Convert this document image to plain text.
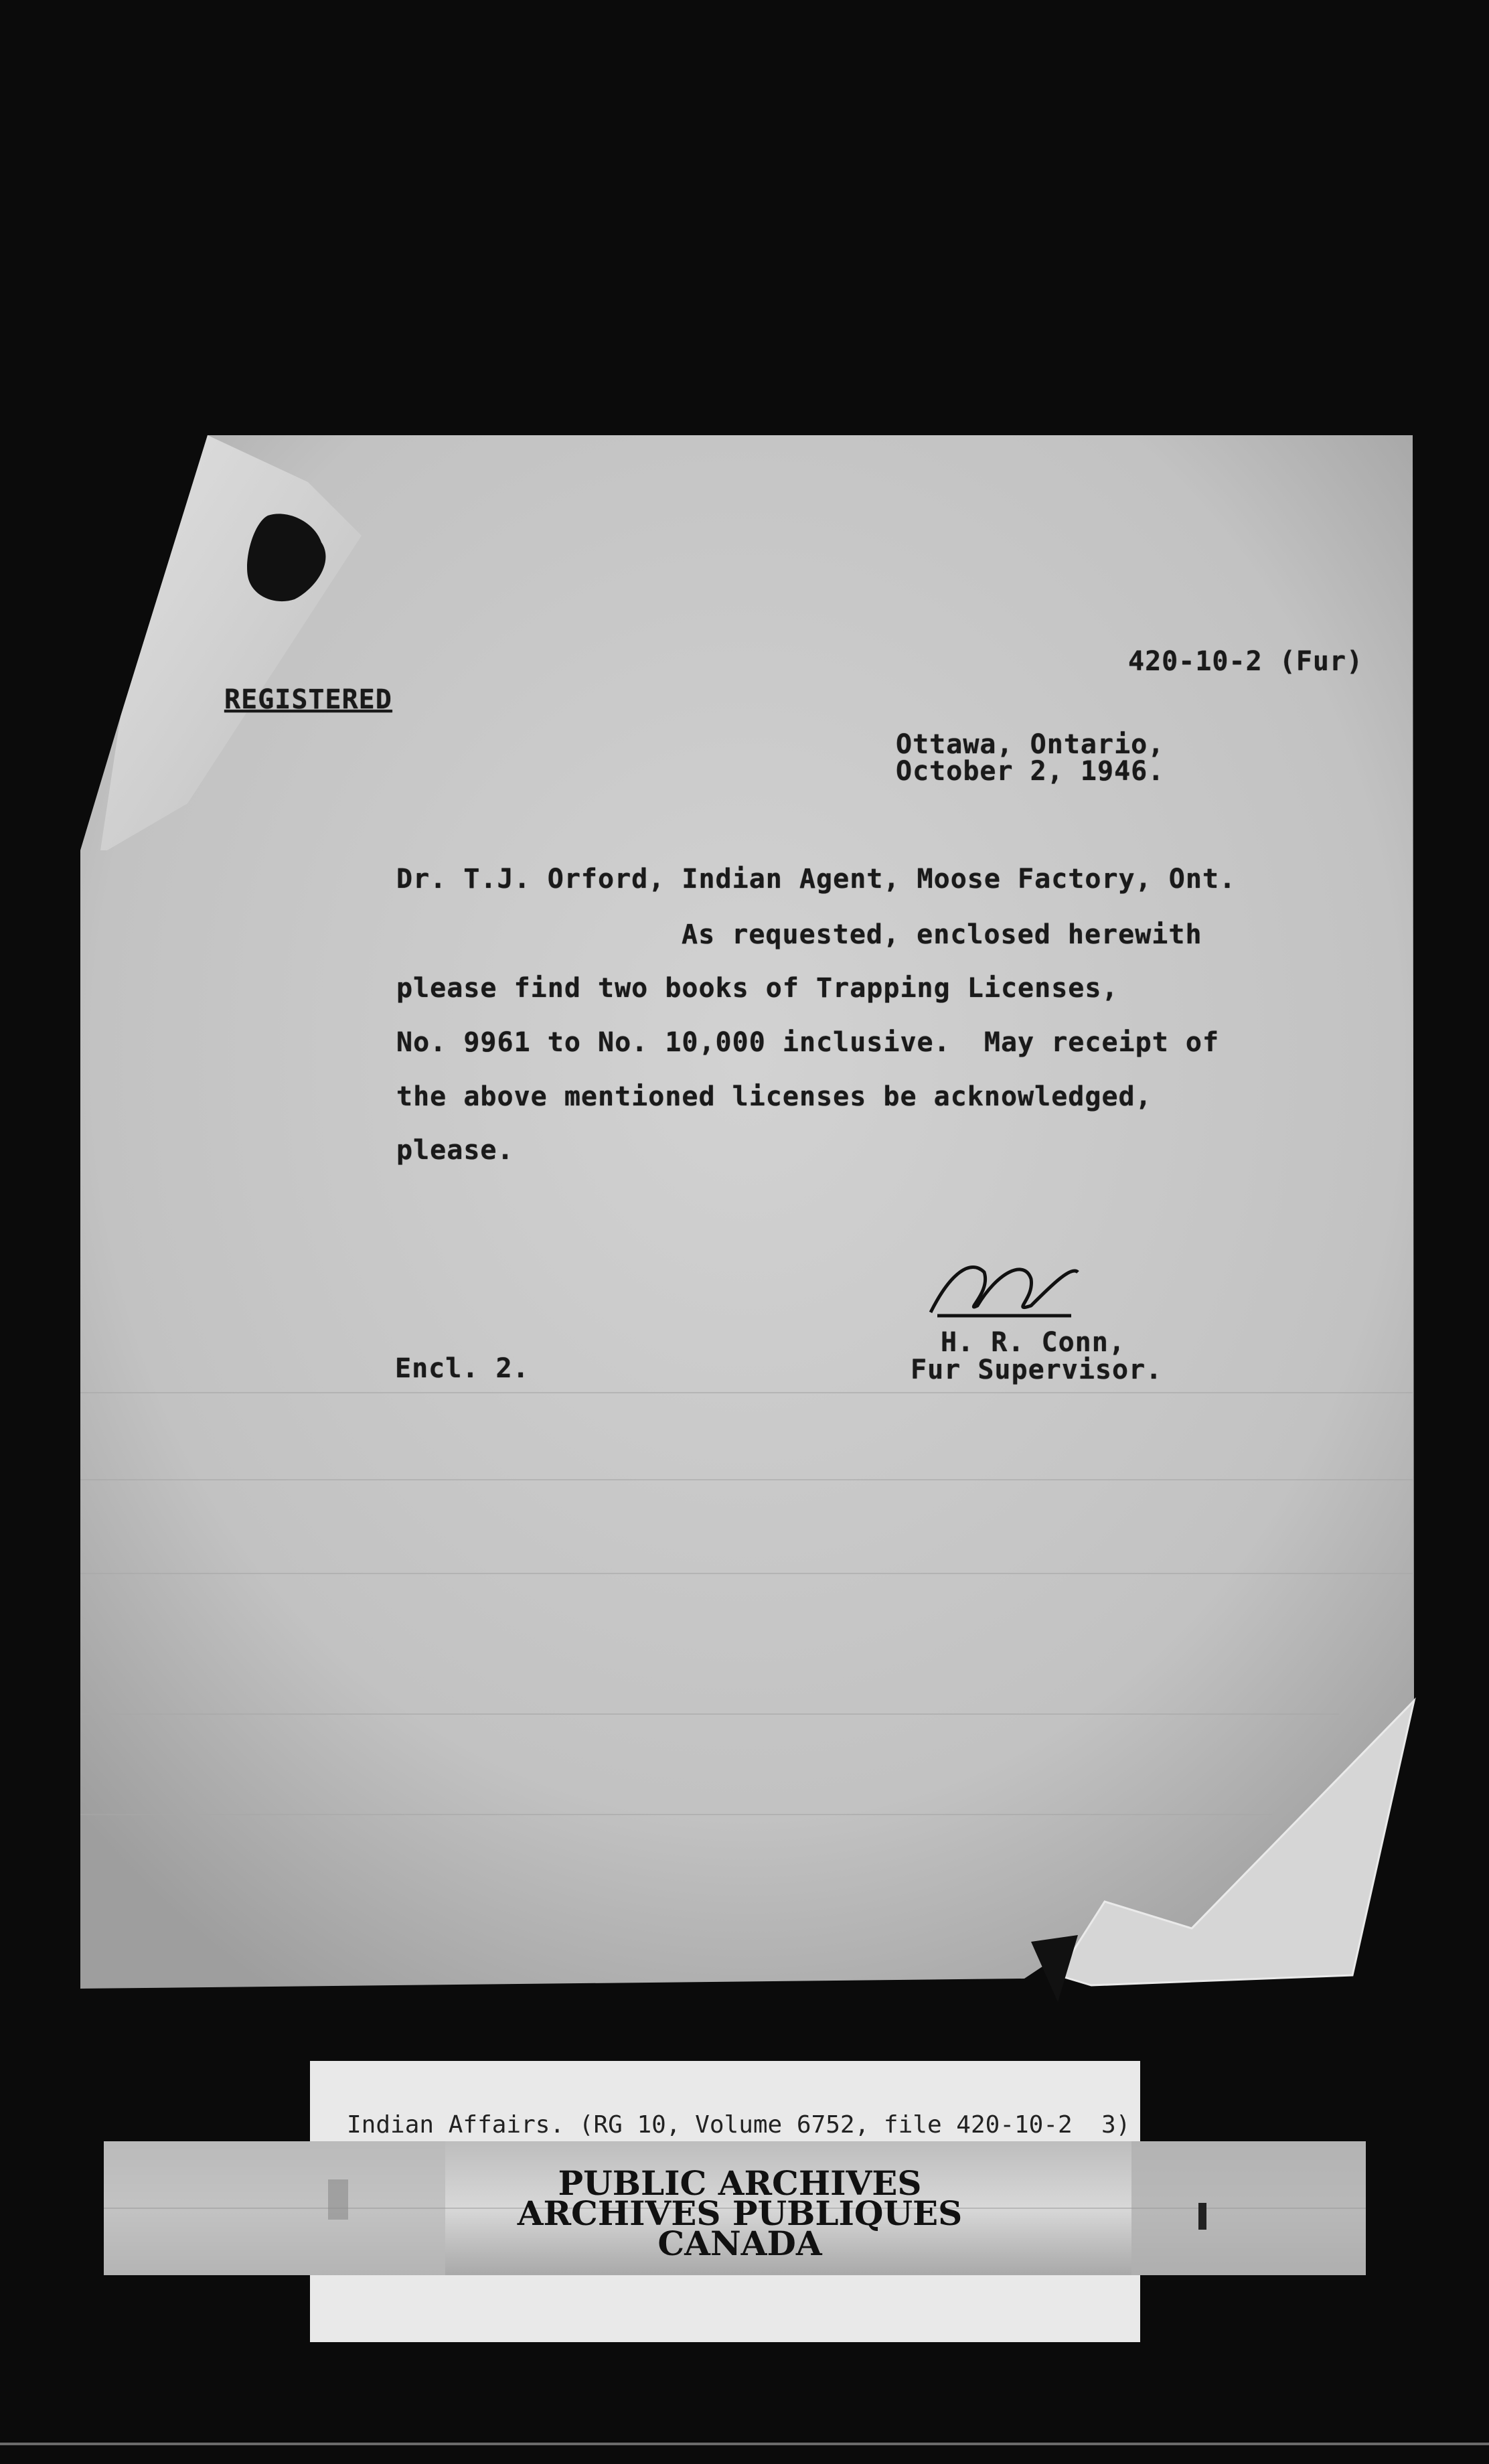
420-10-2 (Fur)
REGISTERED
Ottawa, Ontario,
October 2, 1946.
Dr. T.J. Orford, Indian Agent, Moose Factory, Ont.
As requested, enclosed herewith
please find two books of Trapping Licenses,
No. 9961 to No. 10,000 inclusive.  May receipt of
the above mentioned licenses be acknowledged,
please.
Encl. 2.
H. R. Conn,
Fur Supervisor.
Indian Affairs. (RG 10, Volume 6752, file 420-10-2  3)
PUBLIC ARCHIVES
ARCHIVES PUBLIQUES
CANADA
